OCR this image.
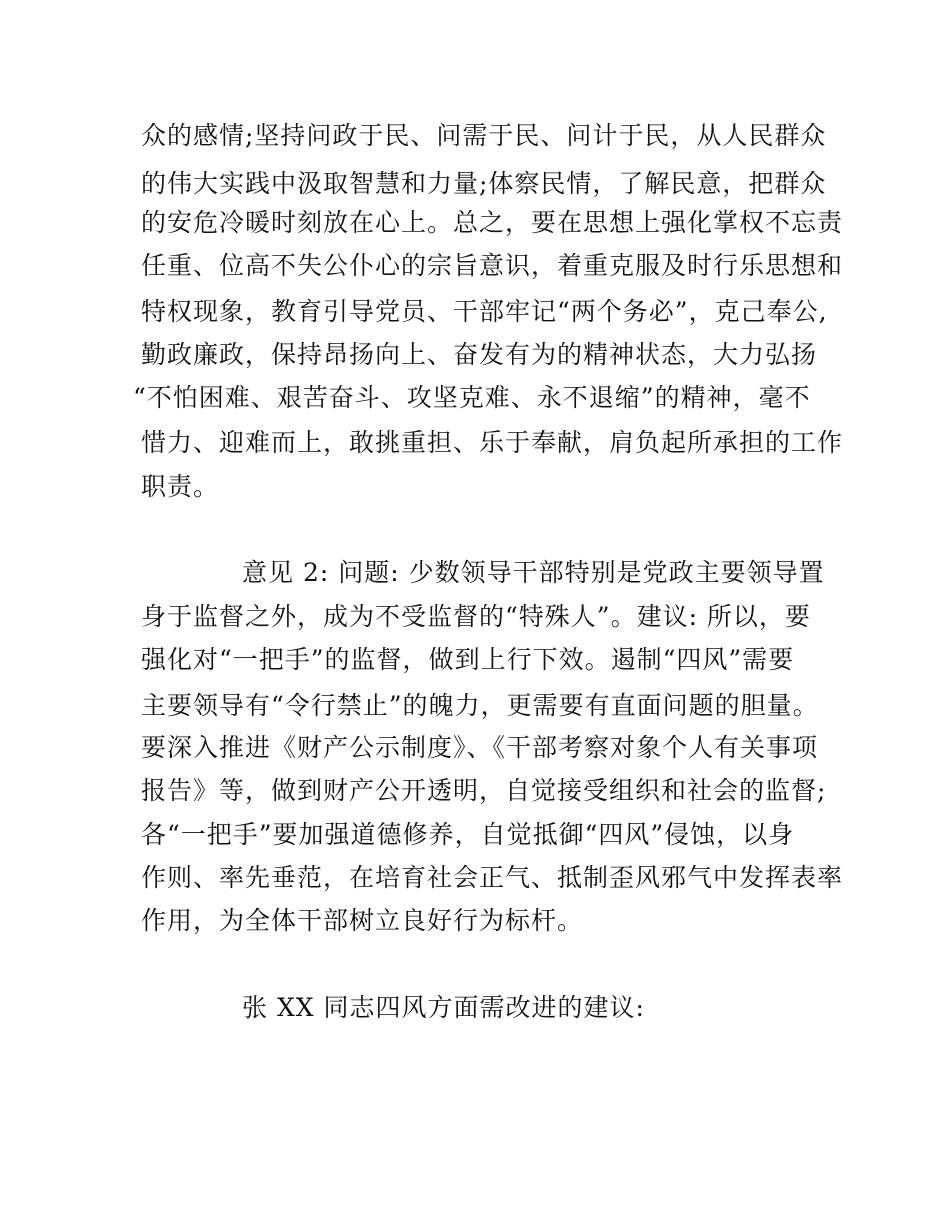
众的感情;坚持问政于民、问需于民、问计于民，从人民群众
的伟大实践中汲取智慧和力量;体察民情，了解民意，把群众
的安危冷暖时刻放在心上。总之，要在思想上强化掌权不忘责
任重、位高不失公仆心的宗旨意识，着重克服及时行乐思想和
特权现象，教育引导党员、干部牢记“两个务必”，克己奉公,
勤政廉政，保持昂扬向上、奋发有为的精神状态，大力弘扬
“不怕困难、艰苦奋斗、攻坚克难、永不退缩”的精神，毫不
惜力、迎难而上，敢挑重担、乐于奉献，肩负起所承担的工作
职责。
意见 2: 问题: 少数领导干部特别是党政主要领导置
身于监督之外，成为不受监督的“特殊人”。建议: 所以，要
强化对“一把手”的监督，做到上行下效。遏制“四风”需要
主要领导有“令行禁止”的魄力，更需要有直面问题的胆量。
要深入推进《财产公示制度》、《干部考察对象个人有关事项
报告》等，做到财产公开透明，自觉接受组织和社会的监督;
各“一把手”要加强道德修养，自觉抵御“四风”侵蚀，以身
作则、率先垂范，在培育社会正气、抵制歪风邪气中发挥表率
作用，为全体干部树立良好行为标杆。
张 XX 同志四风方面需改进的建议:
